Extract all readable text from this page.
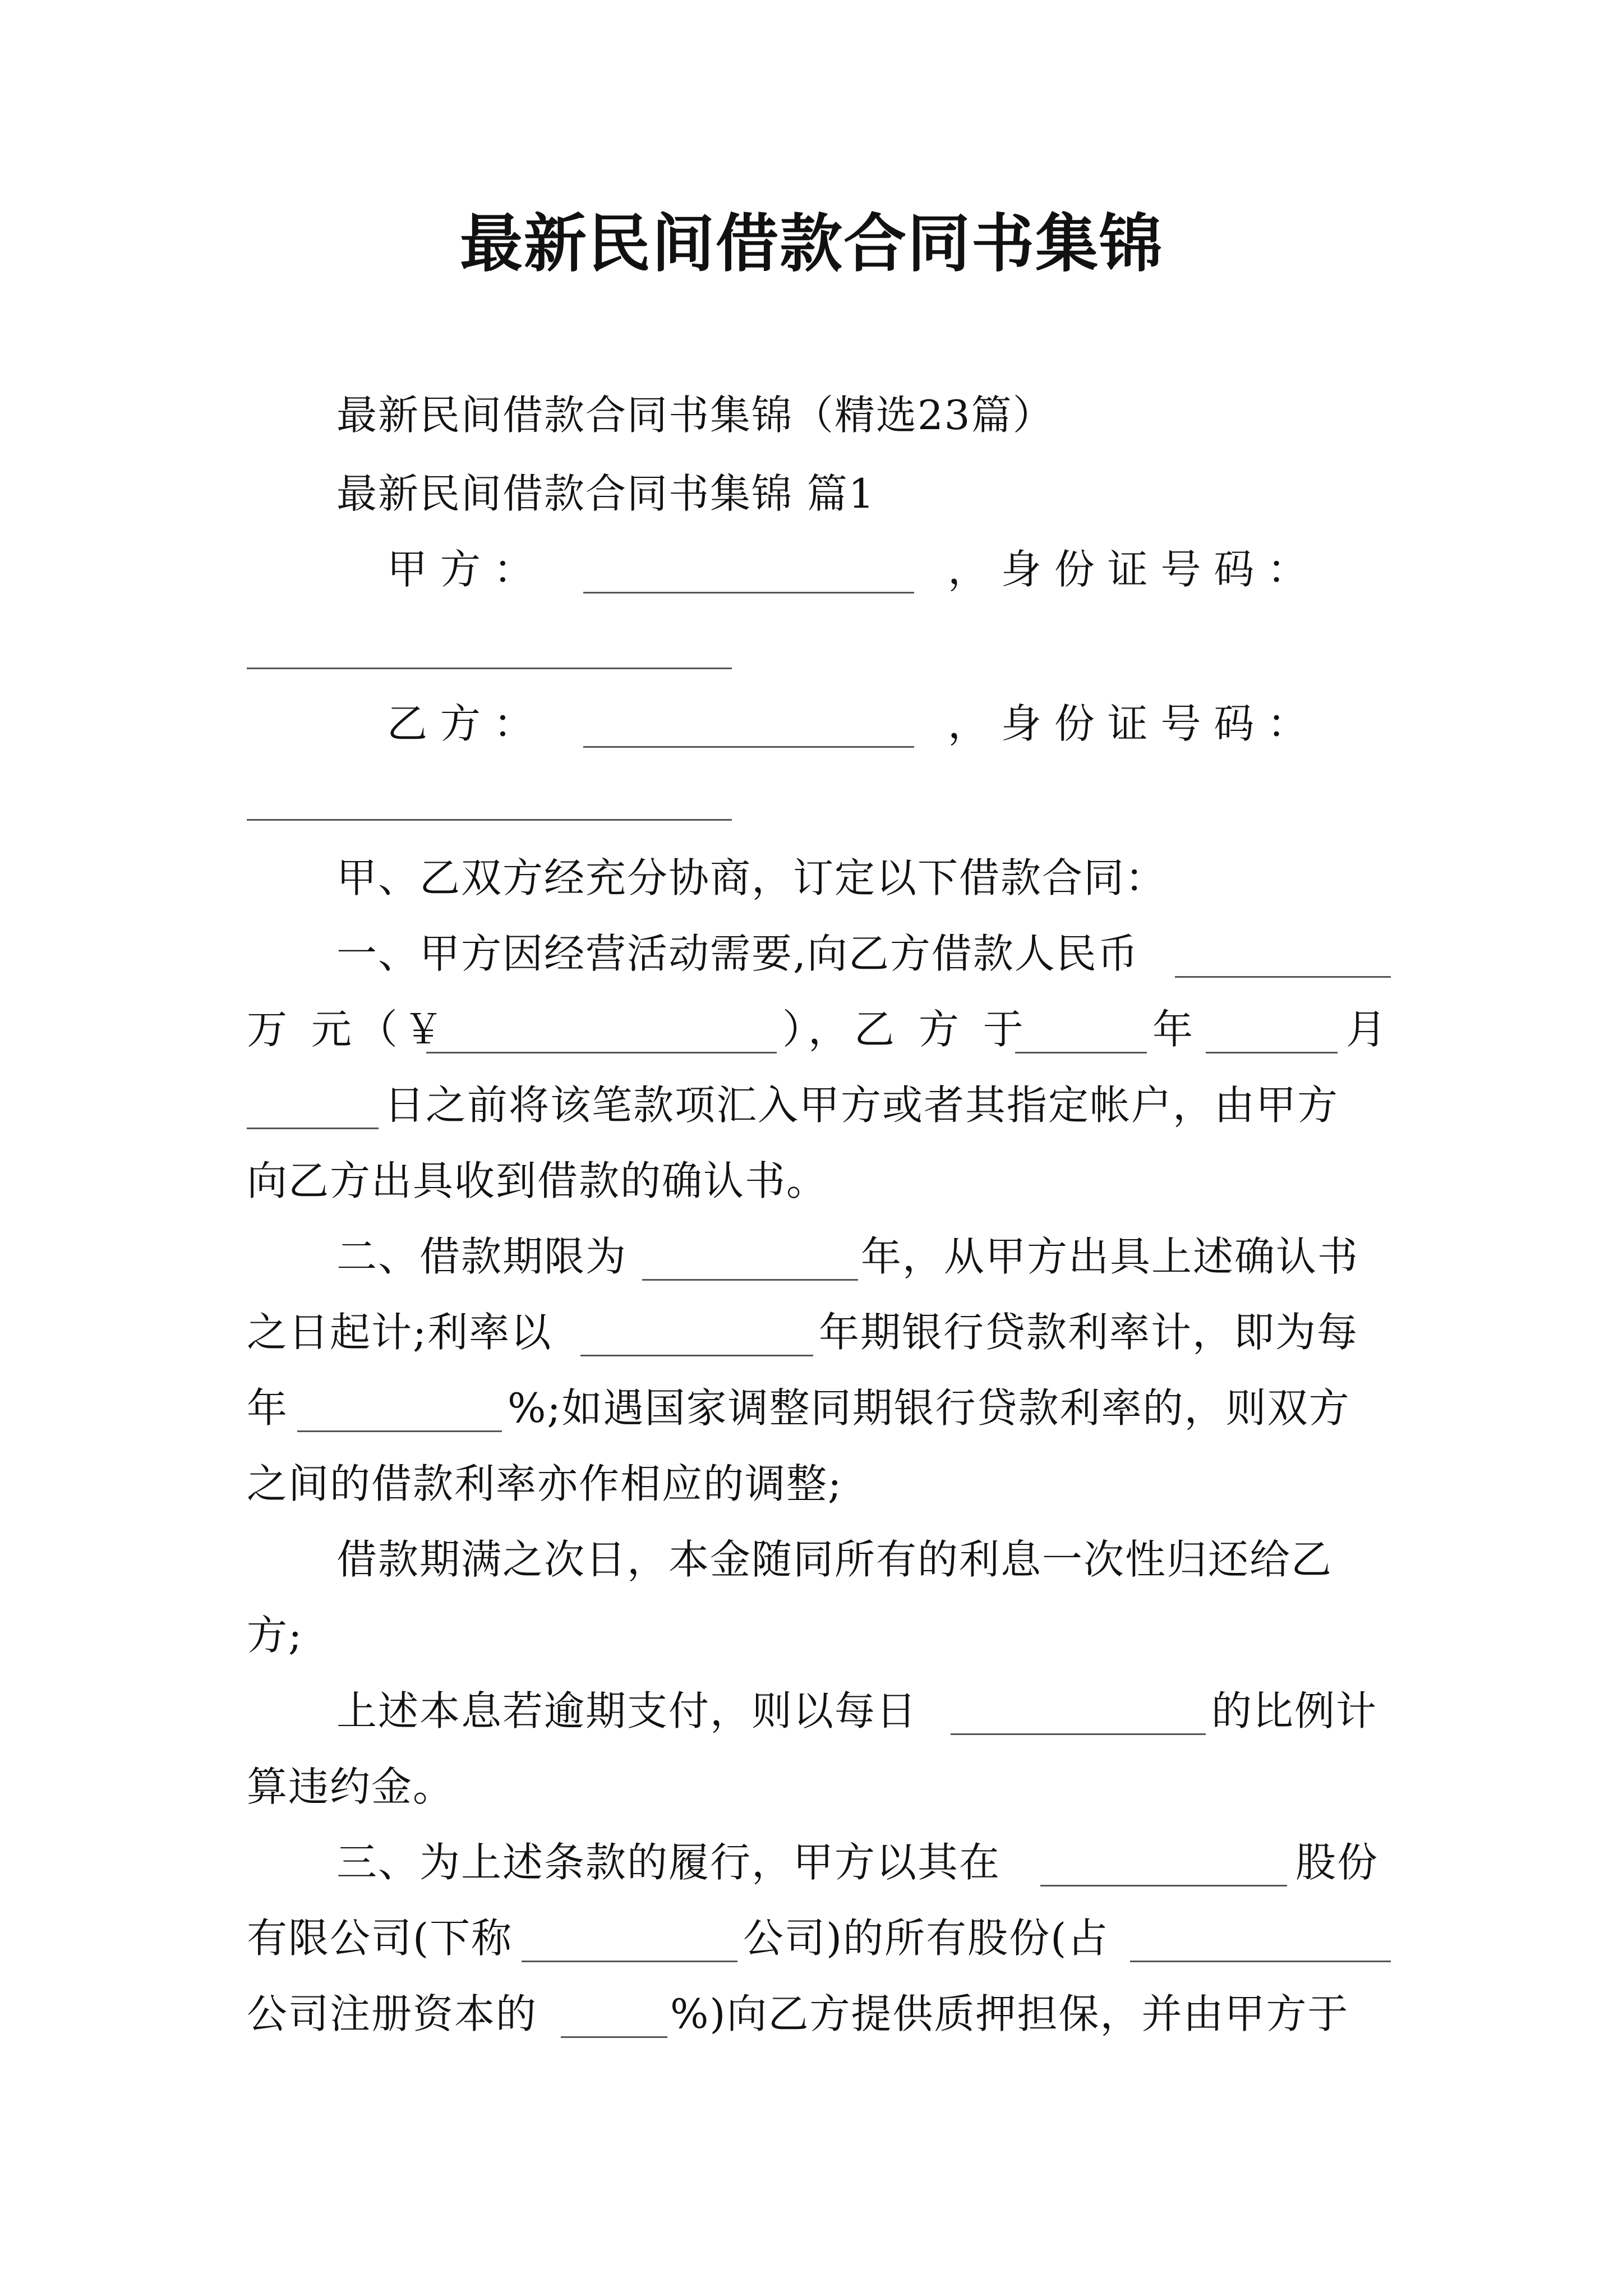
最新民间借款合同书集锦
最新民间借款合同书集锦（精选23篇）
最新民间借款合同书集锦 篇1
甲 方 ：	， 身 份 证 号 码 ：
乙 方 ：	， 身 份 证 号 码 ：
甲、乙双方经充分协商，订定以下借款合同：
一、甲方因经营活动需要,向乙方借款人民币
万 元（￥	），乙 方 于	年	月
日之前将该笔款项汇入甲方或者其指定帐户，由甲方
向乙方出具收到借款的确认书。
二、借款期限为	年，从甲方出具上述确认书
之日起计;利率以	年期银行贷款利率计，即为每
年	%;如遇国家调整同期银行贷款利率的，则双方
之间的借款利率亦作相应的调整;
借款期满之次日，本金随同所有的利息一次性归还给乙
方;
上述本息若逾期支付，则以每日	的比例计
算违约金。
三、为上述条款的履行，甲方以其在	股份
有限公司(下称	公司)的所有股份(占
公司注册资本的	%)向乙方提供质押担保，并由甲方于
